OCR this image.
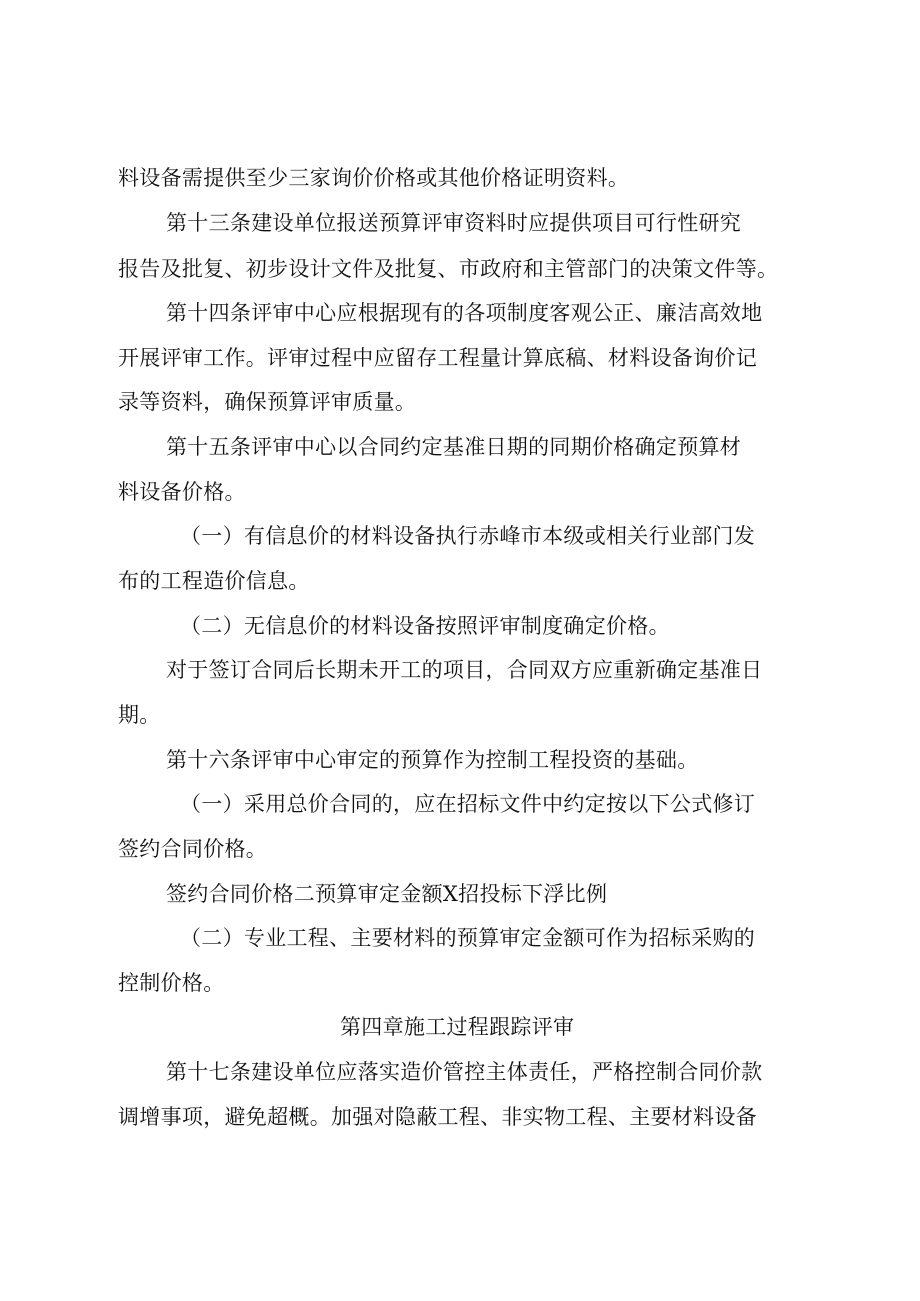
料设备需提供至少三家询价价格或其他价格证明资料。
第十三条建设单位报送预算评审资料时应提供项目可行性研究
报告及批复、初步设计文件及批复、市政府和主管部门的决策文件等。
第十四条评审中心应根据现有的各项制度客观公正、廉洁高效地
开展评审工作。评审过程中应留存工程量计算底稿、材料设备询价记
录等资料，确保预算评审质量。
第十五条评审中心以合同约定基准日期的同期价格确定预算材
料设备价格。
（一）有信息价的材料设备执行赤峰市本级或相关行业部门发
布的工程造价信息。
（二）无信息价的材料设备按照评审制度确定价格。
对于签订合同后长期未开工的项目，合同双方应重新确定基准日
期。
第十六条评审中心审定的预算作为控制工程投资的基础。
（一）采用总价合同的，应在招标文件中约定按以下公式修订
签约合同价格。
签约合同价格二预算审定金额X招投标下浮比例
（二）专业工程、主要材料的预算审定金额可作为招标采购的
控制价格。
第四章施工过程跟踪评审
第十七条建设单位应落实造价管控主体责任，严格控制合同价款
调增事项，避免超概。加强对隐蔽工程、非实物工程、主要材料设备
